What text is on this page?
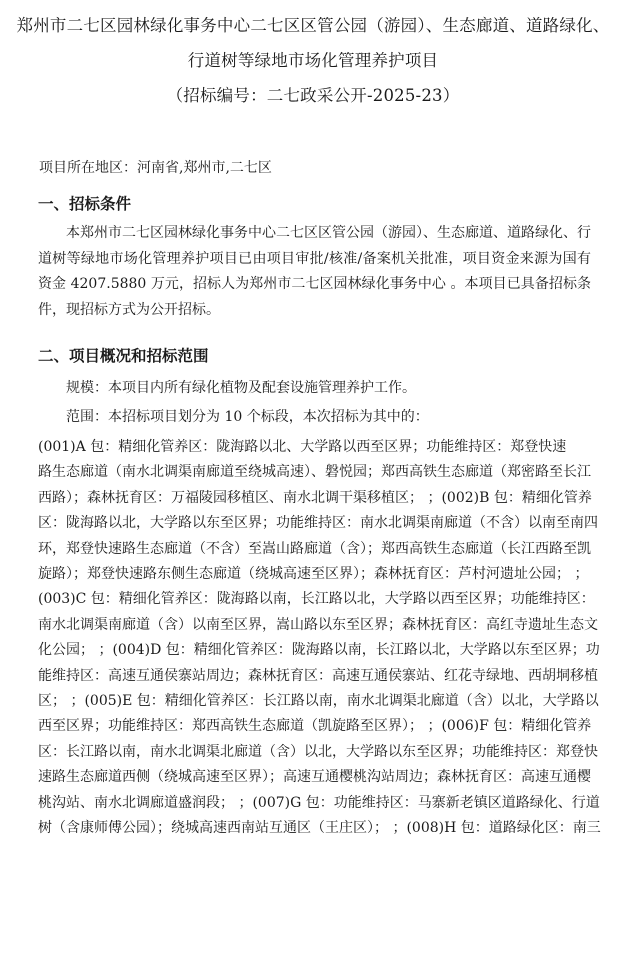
郑州市二七区园林绿化事务中心二七区区管公园（游园）、生态廊道、道路绿化、

行道树等绿地市场化管理养护项目

（招标编号：二七政采公开-2025-23）

项目所在地区：河南省,郑州市,二七区
一、招标条件

本郑州市二七区园林绿化事务中心二七区区管公园（游园）、生态廊道、道路绿化、行道树等绿地市场化管理养护项目已由项目审批/核准/备案机关批准，项目资金来源为国有资金 4207.5880 万元，招标人为郑州市二七区园林绿化事务中心 。本项目已具备招标条件，现招标方式为公开招标。

二、项目概况和招标范围

规模：本项目内所有绿化植物及配套设施管理养护工作。

范围：本招标项目划分为 10 个标段，本次招标为其中的：

(001)A 包：精细化管养区：陇海路以北、大学路以西至区界；功能维持区：郑登快速
路生态廊道（南水北调渠南廊道至绕城高速）、磐悦园；郑西高铁生态廊道（郑密路至长江
西路）；森林抚育区：万福陵园移植区、南水北调干渠移植区； ；(002)B 包：精细化管养
区：陇海路以北，大学路以东至区界；功能维持区：南水北调渠南廊道（不含）以南至南四
环，郑登快速路生态廊道（不含）至嵩山路廊道（含）；郑西高铁生态廊道（长江西路至凯
旋路）；郑登快速路东侧生态廊道（绕城高速至区界）；森林抚育区：芦村河遗址公园； ；
(003)C 包：精细化管养区：陇海路以南，长江路以北，大学路以西至区界；功能维持区：
南水北调渠南廊道（含）以南至区界，嵩山路以东至区界；森林抚育区：高红寺遗址生态文
化公园； ；(004)D 包：精细化管养区：陇海路以南，长江路以北，大学路以东至区界；功
能维持区：高速互通侯寨站周边；森林抚育区：高速互通侯寨站、红花寺绿地、西胡垌移植
区； ；(005)E 包：精细化管养区：长江路以南，南水北调渠北廊道（含）以北，大学路以
西至区界；功能维持区：郑西高铁生态廊道（凯旋路至区界）； ；(006)F 包：精细化管养
区：长江路以南，南水北调渠北廊道（含）以北，大学路以东至区界；功能维持区：郑登快
速路生态廊道西侧（绕城高速至区界）；高速互通樱桃沟站周边；森林抚育区：高速互通樱
桃沟站、南水北调廊道盛润段； ；(007)G 包：功能维持区：马寨新老镇区道路绿化、行道
树（含康师傅公园）；绕城高速西南站互通区（王庄区）； ；(008)H 包：道路绿化区：南三
